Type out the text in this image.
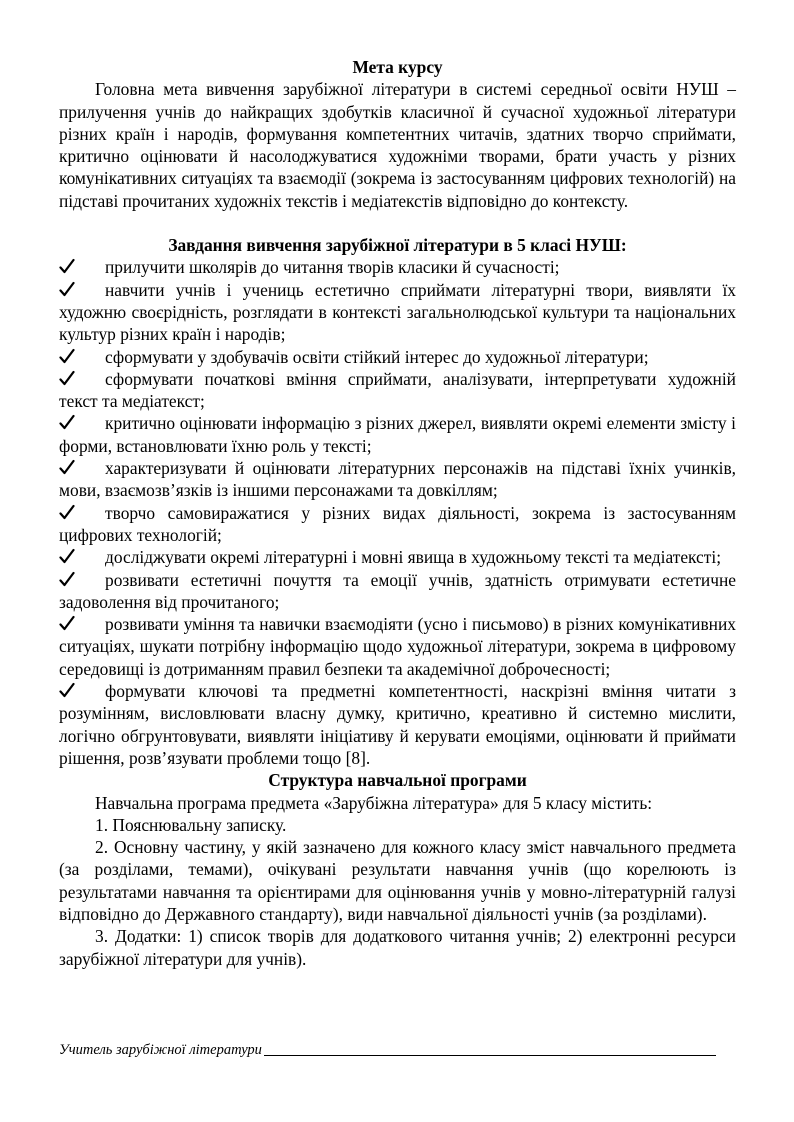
Мета курсу

Головна мета вивчення зарубіжної літератури в системі середньої освіти НУШ – прилучення учнів до найкращих здобутків класичної й сучасної художньої літератури різних країн і народів, формування компетентних читачів, здатних творчо сприймати, критично оцінювати й насолоджуватися художніми творами, брати участь у різних комунікативних ситуаціях та взаємодії (зокрема із застосуванням цифрових технологій) на підставі прочитаних художніх текстів і медіатекстів відповідно до контексту.

Завдання вивчення зарубіжної літератури в 5 класі НУШ:
прилучити школярів до читання творів класики й сучасності;
навчити учнів і учениць естетично сприймати літературні твори, виявляти їх художню своєрідність, розглядати в контексті загальнолюдської культури та національних культур різних країн і народів;
сформувати у здобувачів освіти стійкий інтерес до художньої літератури;
сформувати початкові вміння сприймати, аналізувати, інтерпретувати художній текст та медіатекст;
критично оцінювати інформацію з різних джерел, виявляти окремі елементи змісту і форми, встановлювати їхню роль у тексті;
характеризувати й оцінювати літературних персонажів на підставі їхніх учинків, мови, взаємозв’язків із іншими персонажами та довкіллям;
творчо самовиражатися у різних видах діяльності, зокрема із застосуванням цифрових технологій;
досліджувати окремі літературні і мовні явища в художньому тексті та медіатексті;
розвивати естетичні почуття та емоції учнів, здатність отримувати естетичне задоволення від прочитаного;
розвивати уміння та навички взаємодіяти (усно і письмово) в різних комунікативних ситуаціях, шукати потрібну інформацію щодо художньої літератури, зокрема в цифровому середовищі із дотриманням правил безпеки та академічної доброчесності;
формувати ключові та предметні компетентності, наскрізні вміння читати з розумінням, висловлювати власну думку, критично, креативно й системно мислити, логічно обгрунтовувати, виявляти ініціативу й керувати емоціями, оцінювати й приймати рішення, розв’язувати проблеми тощо [8].
Структура навчальної програми

Навчальна програма предмета «Зарубіжна література» для 5 класу містить:

1. Пояснювальну записку.

2. Основну частину, у якій зазначено для кожного класу зміст навчального предмета (за розділами, темами), очікувані результати навчання учнів (що корелюють із результатами навчання та орієнтирами для оцінювання учнів у мовно-літературній галузі відповідно до Державного стандарту), види навчальної діяльності учнів (за розділами).

3. Додатки: 1) список творів для додаткового читання учнів; 2) електронні ресурси зарубіжної літератури для учнів).

Учитель зарубіжної літератури
